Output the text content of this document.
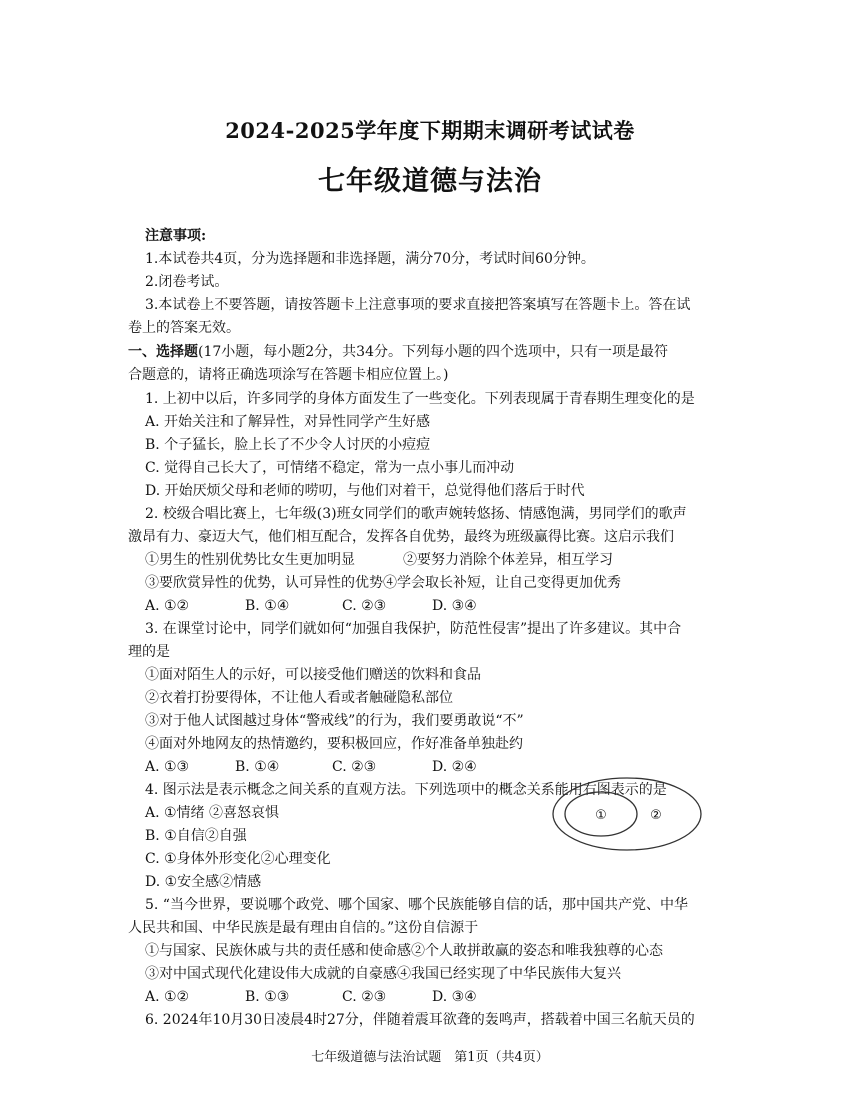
2024-2025学年度下期期末调研考试试卷
七年级道德与法治
注意事项:
1.本试卷共4页，分为选择题和非选择题，满分70分，考试时间60分钟。
2.闭卷考试。
3.本试卷上不要答题，请按答题卡上注意事项的要求直接把答案填写在答题卡上。答在试
卷上的答案无效。
一、选择题(17小题，每小题2分，共34分。下列每小题的四个选项中，只有一项是最符
合题意的，请将正确选项涂写在答题卡相应位置上。)
1. 上初中以后，许多同学的身体方面发生了一些变化。下列表现属于青春期生理变化的是
A. 开始关注和了解异性，对异性同学产生好感
B. 个子猛长，脸上长了不少令人讨厌的小痘痘
C. 觉得自己长大了，可情绪不稳定，常为一点小事儿而冲动
D. 开始厌烦父母和老师的唠叨，与他们对着干，总觉得他们落后于时代
2. 校级合唱比赛上，七年级(3)班女同学们的歌声婉转悠扬、情感饱满，男同学们的歌声
激昂有力、豪迈大气，他们相互配合，发挥各自优势，最终为班级赢得比赛。这启示我们
①男生的性别优势比女生更加明显	②要努力消除个体差异，相互学习
③要欣赏异性的优势，认可异性的优势④学会取长补短，让自己变得更加优秀
A. ①②	B. ①④	C. ②③	D. ③④
3. 在课堂讨论中，同学们就如何“加强自我保护，防范性侵害”提出了许多建议。其中合
理的是
①面对陌生人的示好，可以接受他们赠送的饮料和食品
②衣着打扮要得体，不让他人看或者触碰隐私部位
③对于他人试图越过身体“警戒线”的行为，我们要勇敢说“不”
④面对外地网友的热情邀约，要积极回应，作好准备单独赴约
A. ①③	B. ①④	C. ②③	D. ②④
4. 图示法是表示概念之间关系的直观方法。下列选项中的概念关系能用右图表示的是
A. ①情绪 ②喜怒哀惧
B. ①自信②自强
C. ①身体外形变化②心理变化
D. ①安全感②情感
①	②
5. “当今世界，要说哪个政党、哪个国家、哪个民族能够自信的话，那中国共产党、中华
人民共和国、中华民族是最有理由自信的。”这份自信源于
①与国家、民族休戚与共的责任感和使命感②个人敢拼敢赢的姿态和唯我独尊的心态
③对中国式现代化建设伟大成就的自豪感④我国已经实现了中华民族伟大复兴
A. ①②	B. ①③	C. ②③	D. ③④
6. 2024年10月30日凌晨4时27分，伴随着震耳欲聋的轰鸣声，搭载着中国三名航天员的
七年级道德与法治试题　第1页（共4页）
